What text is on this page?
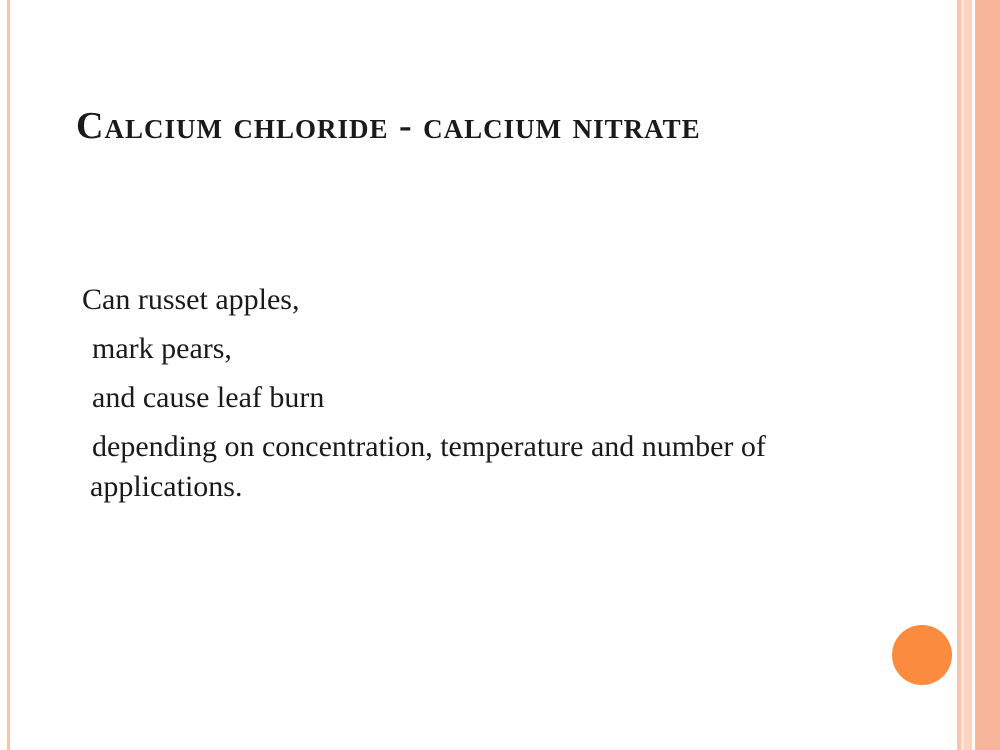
Calcium chloride - calcium nitrate

Can russet apples,

mark pears,

and cause leaf burn

depending on concentration, temperature and number of
applications.
